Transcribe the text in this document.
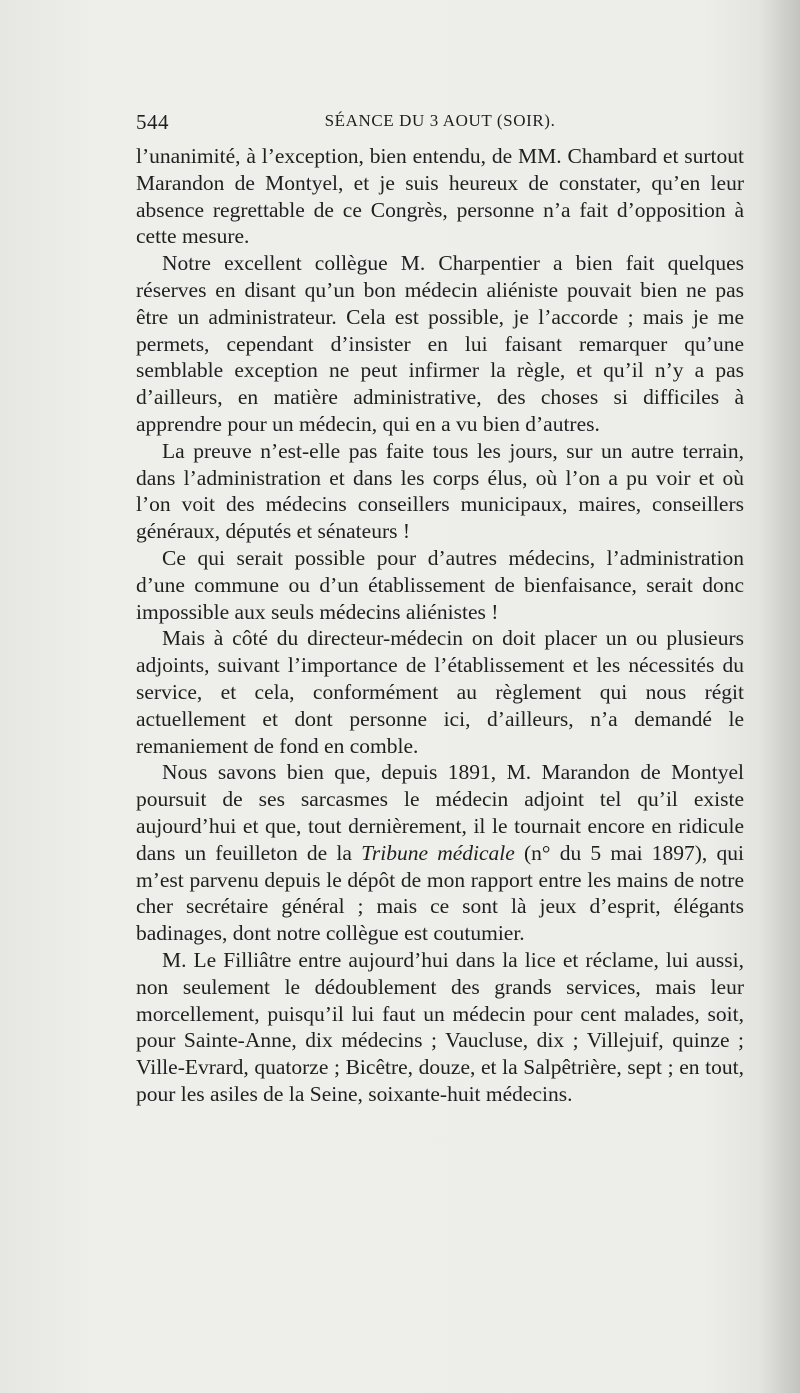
544	SÉANCE DU 3 AOUT (SOIR).

l’unanimité, à l’exception, bien entendu, de MM. Chambard et surtout Marandon de Montyel, et je suis heureux de constater, qu’en leur absence regrettable de ce Congrès, personne n’a fait d’opposition à cette mesure.

Notre excellent collègue M. Charpentier a bien fait quelques réserves en disant qu’un bon médecin aliéniste pouvait bien ne pas être un administrateur. Cela est possible, je l’accorde ; mais je me permets, cependant d’insister en lui faisant remarquer qu’une semblable exception ne peut infirmer la règle, et qu’il n’y a pas d’ailleurs, en matière administrative, des choses si difficiles à apprendre pour un médecin, qui en a vu bien d’autres.

La preuve n’est-elle pas faite tous les jours, sur un autre terrain, dans l’administration et dans les corps élus, où l’on a pu voir et où l’on voit des médecins conseillers municipaux, maires, conseillers généraux, députés et sénateurs !

Ce qui serait possible pour d’autres médecins, l’administration d’une commune ou d’un établissement de bienfaisance, serait donc impossible aux seuls médecins aliénistes !

Mais à côté du directeur-médecin on doit placer un ou plusieurs adjoints, suivant l’importance de l’établissement et les nécessités du service, et cela, conformément au règlement qui nous régit actuellement et dont personne ici, d’ailleurs, n’a demandé le remaniement de fond en comble.

Nous savons bien que, depuis 1891, M. Marandon de Montyel poursuit de ses sarcasmes le médecin adjoint tel qu’il existe aujourd’hui et que, tout dernièrement, il le tournait encore en ridicule dans un feuilleton de la Tribune médicale (n° du 5 mai 1897), qui m’est parvenu depuis le dépôt de mon rapport entre les mains de notre cher secrétaire général ; mais ce sont là jeux d’esprit, élégants badinages, dont notre collègue est coutumier.

M. Le Filliâtre entre aujourd’hui dans la lice et réclame, lui aussi, non seulement le dédoublement des grands services, mais leur morcellement, puisqu’il lui faut un médecin pour cent malades, soit, pour Sainte-Anne, dix médecins ; Vaucluse, dix ; Villejuif, quinze ; Ville-Evrard, quatorze ; Bicêtre, douze, et la Salpêtrière, sept ; en tout, pour les asiles de la Seine, soixante-huit médecins.
